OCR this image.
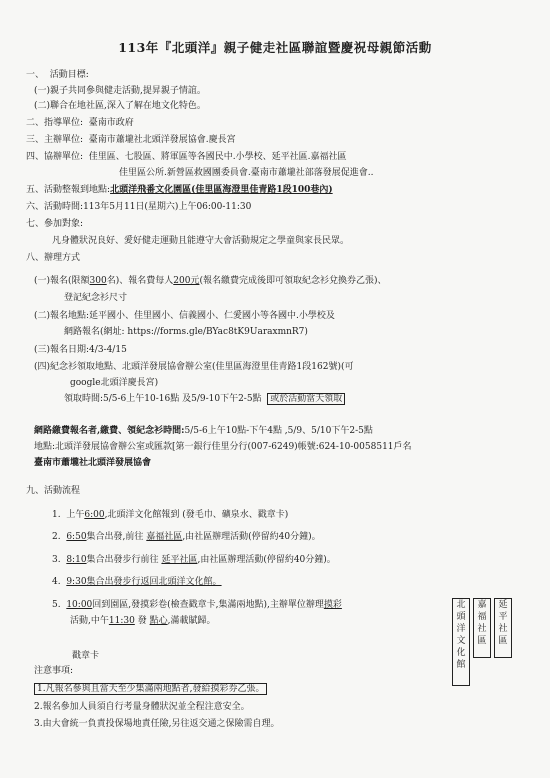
113年『北頭洋』親子健走社區聯誼暨慶祝母親節活動
一、 活動目標:
(一)親子共同參與健走活動,提昇親子情誼。
(二)聯合在地社區,深入了解在地文化特色。
二、指導單位: 臺南市政府
三、主辦單位: 臺南市蕭壠社北頭洋發展協會.慶長宮
四、協辦單位: 佳里區、七股區、將軍區等各國民中.小學校、延平社區.嘉福社區
佳里區公所.新營區救國團委員會.臺南市蕭壠社部落發展促進會..
五、活動整報到地點:北頭洋飛番文化園區(佳里區海澄里佳青路1段100巷內)
六、活動時間:113年5月11日(星期六)上午06:00-11:30
七、參加對象:
凡身體狀況良好、愛好健走運動且能遵守大會活動規定之學童與家長民眾。
八、辦理方式
(一)報名(限額300名)、報名費每人200元(報名繳費完成後即可領取紀念衫兌換券乙張)、
登記紀念衫尺寸
(二)報名地點:延平國小、佳里國小、信義國小、仁愛國小等各國中.小學校及
網路報名(網址: https://forms.gle/BYac8tK9UaraxmnR7)
(三)報名日期:4/3-4/15
(四)紀念衫領取地點、北頭洋發展協會辦公室(佳里區海澄里佳青路1段162號)(可
google北頭洋慶長宮)
領取時間:5/5-6上午10-16點 及5/9-10下午2-5點 或於活動當天領取
網路繳費報名者,繳費、領紀念衫時間:5/5-6上午10點-下午4點 ,5/9、5/10下午2-5點
地點:北頭洋發展協會辦公室或匯款[第一銀行佳里分行(007-6249)帳號:624-10-0058511戶名
臺南市蕭壠社北頭洋發展協會
九、活動流程
1. 上午6:00,北頭洋文化館報到 (發毛巾、礦泉水、戳章卡)
2. 6:50集合出發,前往 嘉福社區,由社區辦理活動(停留約40分鐘)。
3. 8:10集合出發步行前往 延平社區,由社區辦理活動(停留約40分鐘)。
4. 9:30集合出發步行返回北頭洋文化館。
5. 10:00回到園區,發摸彩卷(檢查戳章卡,集滿兩地點),主辦單位辦理摸彩
活動,中午11:30 發 點心,滿載賦歸。
北
頭
洋
文
化
館
嘉
福
社
區
延
平
社
區
戳章卡
注意事項:
1.凡報名參與且當天至少集滿兩地點者,發給摸彩券乙張。
2.報名參加人員須自行考量身體狀況並全程注意安全。
3.由大會統一負責投保場地責任險,另往返交通之保險需自理。
